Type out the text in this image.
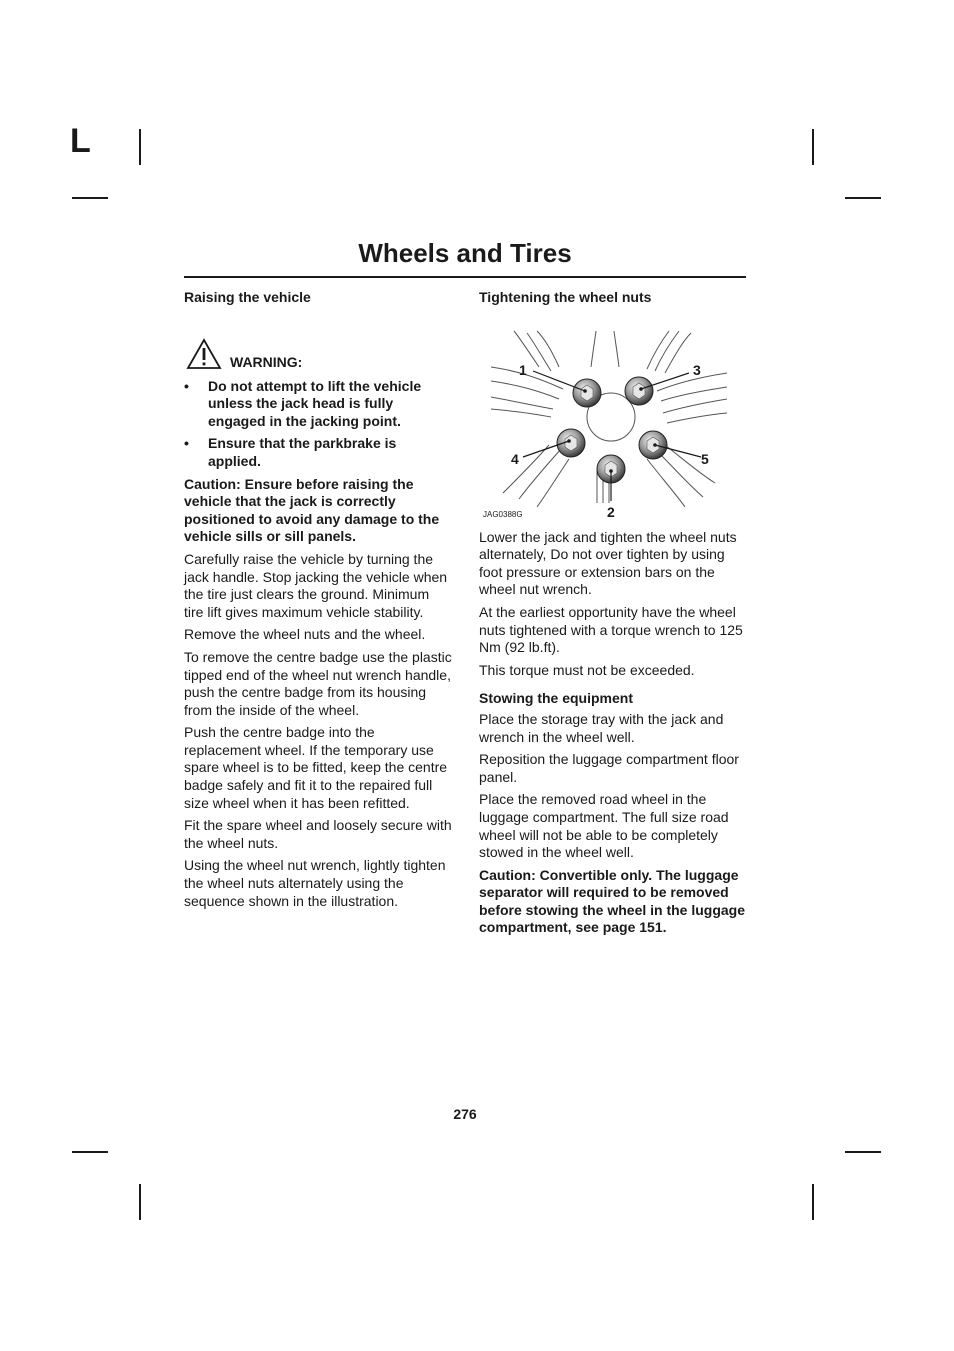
L
Wheels and Tires
Raising the vehicle
WARNING:
• Do not attempt to lift the vehicle unless the jack head is fully engaged in the jacking point.
• Ensure that the parkbrake is applied.

Caution: Ensure before raising the vehicle that the jack is correctly positioned to avoid any damage to the vehicle sills or sill panels.

Carefully raise the vehicle by turning the jack handle. Stop jacking the vehicle when the tire just clears the ground. Minimum tire lift gives maximum vehicle stability.

Remove the wheel nuts and the wheel.

To remove the centre badge use the plastic tipped end of the wheel nut wrench handle, push the centre badge from its housing from the inside of the wheel.

Push the centre badge into the replacement wheel. If the temporary use spare wheel is to be fitted, keep the centre badge safely and fit it to the repaired full size wheel when it has been refitted.

Fit the spare wheel and loosely secure with the wheel nuts.

Using the wheel nut wrench, lightly tighten the wheel nuts alternately using the sequence shown in the illustration.

Tightening the wheel nuts
1	3
4	5
2
JAG0388G

Lower the jack and tighten the wheel nuts alternately, Do not over tighten by using foot pressure or extension bars on the wheel nut wrench.

At the earliest opportunity have the wheel nuts tightened with a torque wrench to 125 Nm (92 lb.ft).

This torque must not be exceeded.

Stowing the equipment

Place the storage tray with the jack and wrench in the wheel well.

Reposition the luggage compartment floor panel.

Place the removed road wheel in the luggage compartment. The full size road wheel will not be able to be completely stowed in the wheel well.

Caution: Convertible only. The luggage separator will required to be removed before stowing the wheel in the luggage compartment, see page 151.

276
